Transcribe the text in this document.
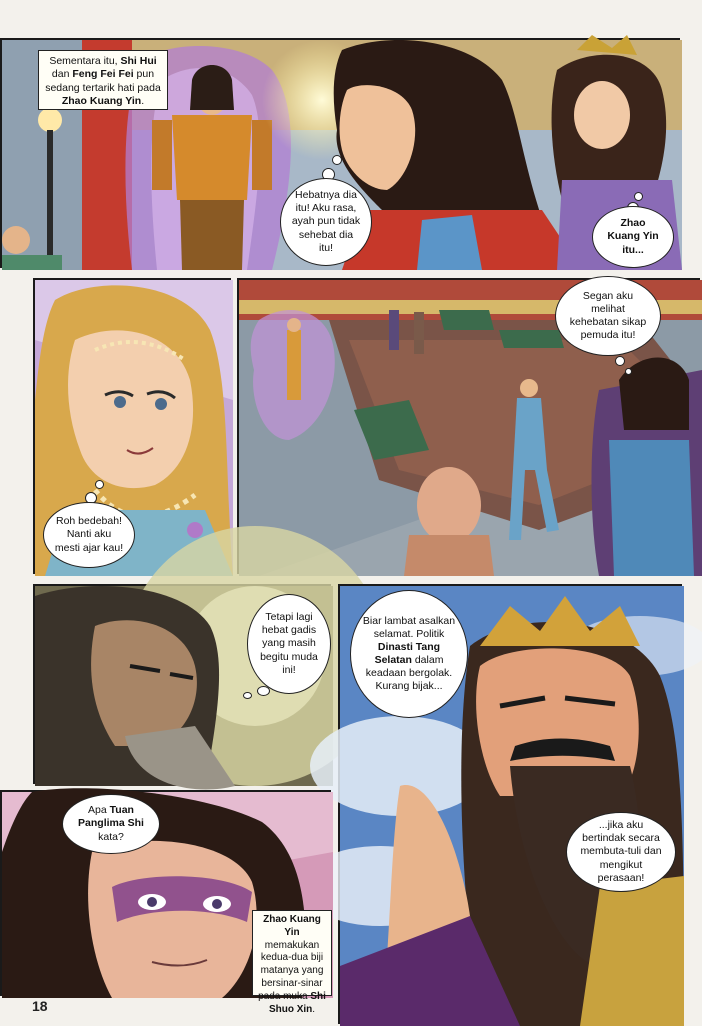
Sementara itu, Shi Hui dan Feng Fei Fei pun sedang tertarik hati pada Zhao Kuang Yin.
Hebatnya dia itu! Aku rasa, ayah pun tidak sehebat dia itu!
Zhao Kuang Yin itu...
Roh bedebah! Nanti aku mesti ajar kau!
Segan aku melihat kehebatan sikap pemuda itu!
Tetapi lagi hebat gadis yang masih begitu muda ini!
Biar lambat asalkan selamat. Politik Dinasti Tang Selatan dalam keadaan bergolak. Kurang bijak...
...jika aku bertindak secara membuta-tuli dan mengikut perasaan!
Apa Tuan Panglima Shi kata?
Zhao Kuang Yin memakukan kedua-dua biji matanya yang bersinar-sinar pada muka Shi Shuo Xin.
18
